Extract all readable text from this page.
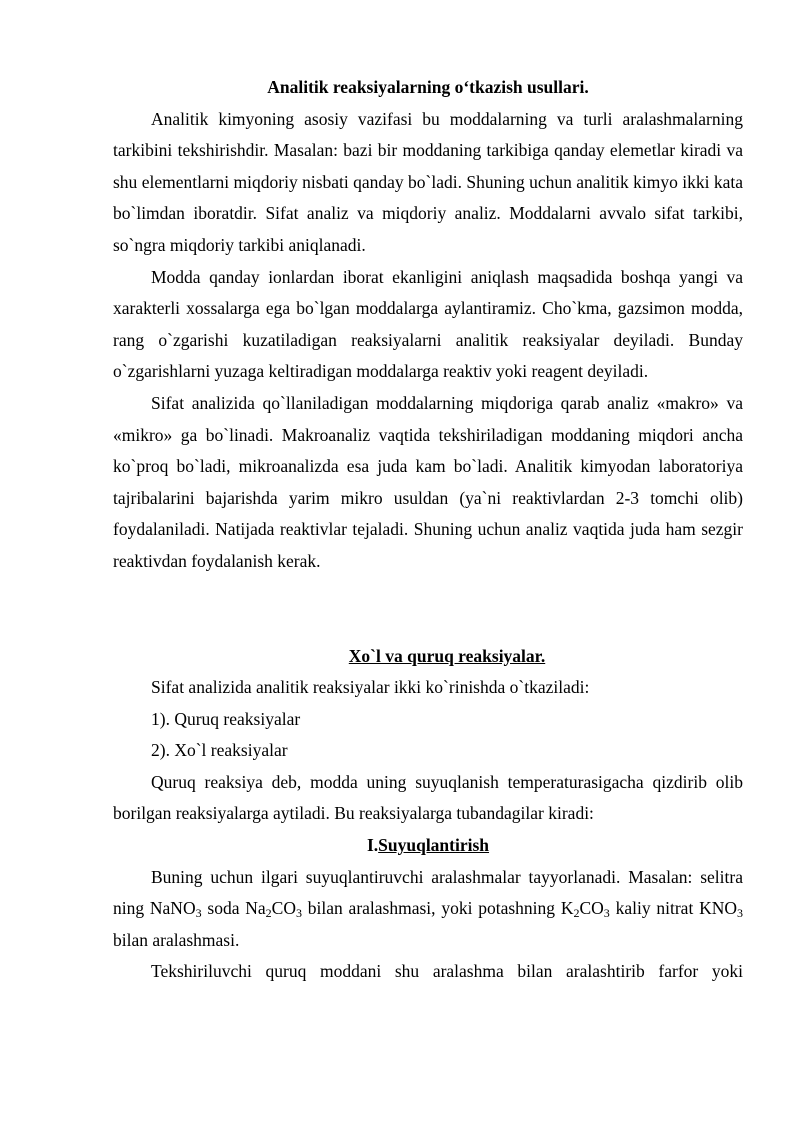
Analitik reaksiyalarning o‘tkazish usullari.

Analitik kimyoning asosiy vazifasi bu moddalarning va turli aralashmalarning tarkibini tekshirishdir. Masalan: bazi bir moddaning tarkibiga qanday elemetlar kiradi va shu elementlarni miqdoriy nisbati qanday bo`ladi. Shuning uchun analitik kimyo ikki kata bo`limdan iboratdir. Sifat analiz va miqdoriy analiz. Moddalarni avvalo sifat tarkibi, so`ngra miqdoriy tarkibi aniqlanadi.

Modda qanday ionlardan iborat ekanligini aniqlash maqsadida boshqa yangi va xarakterli xossalarga ega bo`lgan moddalarga aylantiramiz. Cho`kma, gazsimon modda, rang o`zgarishi kuzatiladigan reaksiyalarni analitik reaksiyalar deyiladi. Bunday o`zgarishlarni yuzaga keltiradigan moddalarga reaktiv yoki reagent deyiladi.

Sifat analizida qo`llaniladigan moddalarning miqdoriga qarab analiz «makro» va «mikro» ga bo`linadi. Makroanaliz vaqtida tekshiriladigan moddaning miqdori ancha ko`proq bo`ladi, mikroanalizda esa juda kam bo`ladi. Analitik kimyodan laboratoriya tajribalarini bajarishda yarim mikro usuldan (ya`ni reaktivlardan 2-3 tomchi olib) foydalaniladi. Natijada reaktivlar tejaladi. Shuning uchun analiz vaqtida juda ham sezgir reaktivdan foydalanish kerak.

Xo`l va quruq reaksiyalar.

Sifat analizida analitik reaksiyalar ikki ko`rinishda o`tkaziladi:

1). Quruq reaksiyalar

2). Xo`l reaksiyalar

Quruq reaksiya deb, modda uning suyuqlanish temperaturasigacha qizdirib olib borilgan reaksiyalarga aytiladi. Bu reaksiyalarga tubandagilar kiradi:

I.Suyuqlantirish

Buning uchun ilgari suyuqlantiruvchi aralashmalar tayyorlanadi. Masalan: selitra ning NaNO$_3$ soda $Na_2CO_3$ bilan aralashmasi, yoki potashning $K_2CO_3$ kaliy nitrat $KNO_3$ bilan aralashmasi.

Tekshiriluvchi quruq moddani shu aralashma bilan aralashtirib farfor yoki
